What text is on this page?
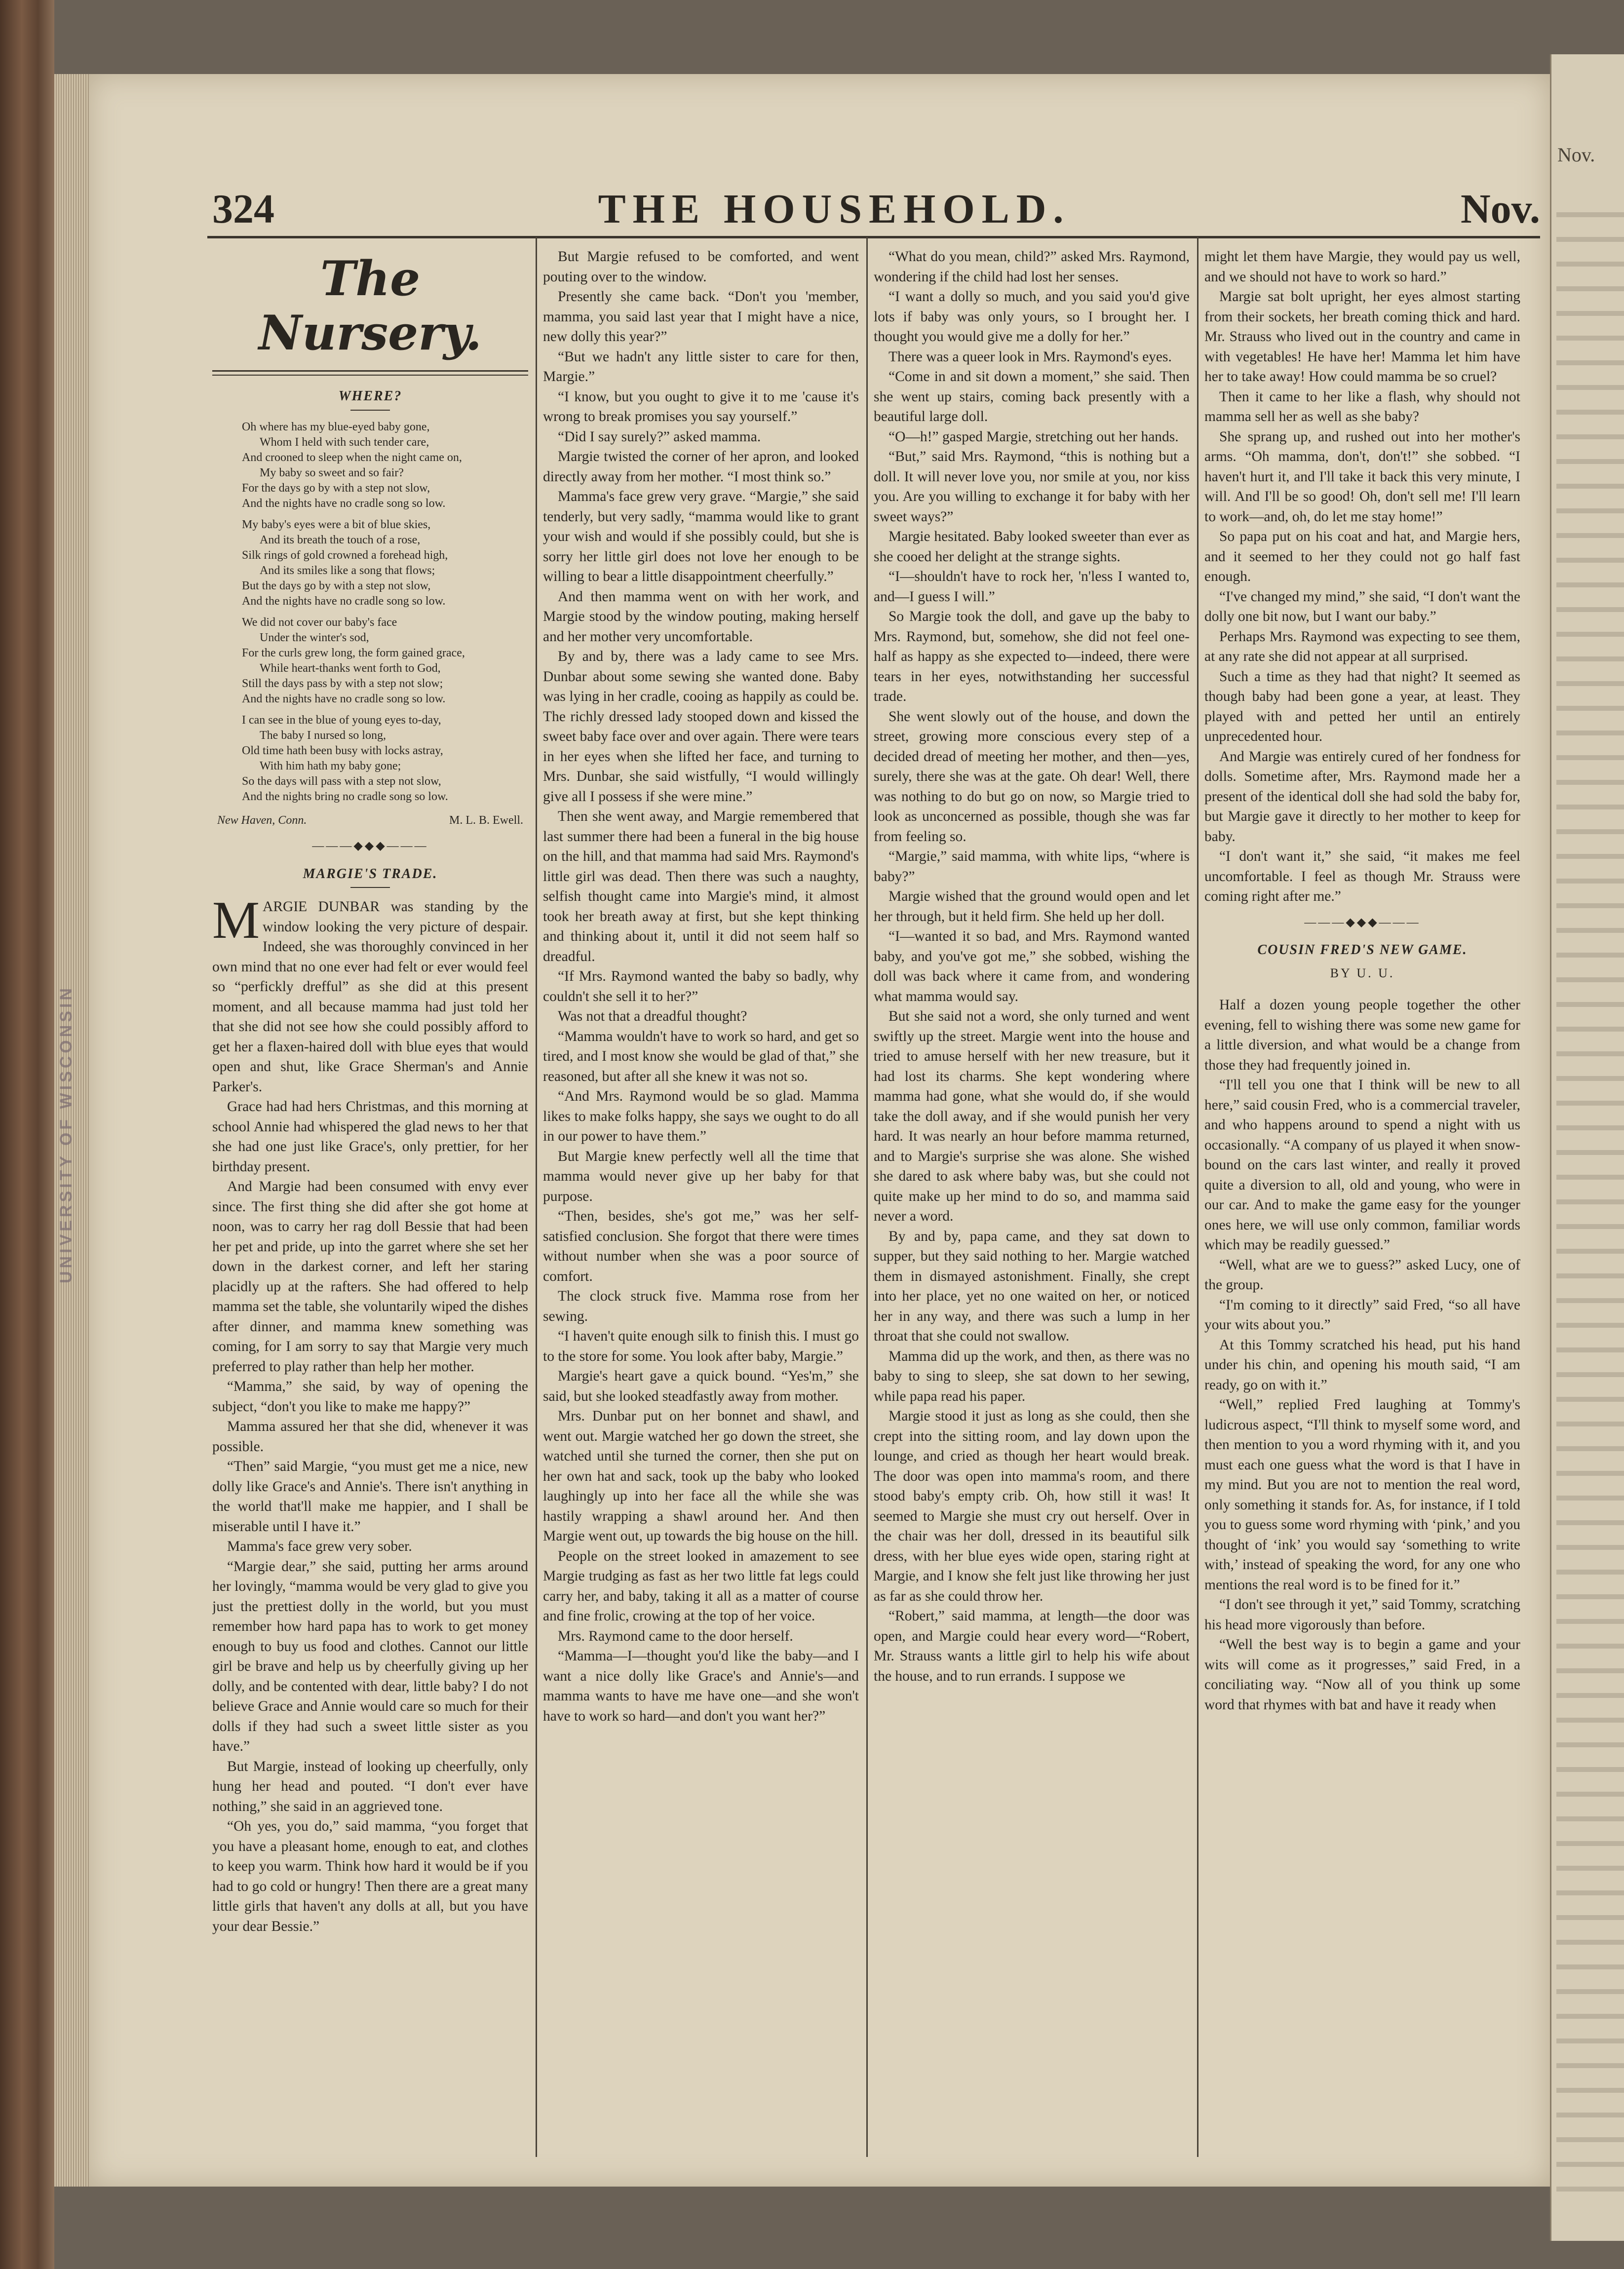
UNIVERSITY OF WISCONSIN
Nov.
324	THE HOUSEHOLD.	Nov.
The Nursery.
WHERE?
Oh where has my blue-eyed baby gone,
Whom I held with such tender care,
And crooned to sleep when the night came on,
My baby so sweet and so fair?
For the days go by with a step not slow,
And the nights have no cradle song so low.
My baby's eyes were a bit of blue skies,
And its breath the touch of a rose,
Silk rings of gold crowned a forehead high,
And its smiles like a song that flows;
But the days go by with a step not slow,
And the nights have no cradle song so low.
We did not cover our baby's face
Under the winter's sod,
For the curls grew long, the form gained grace,
While heart-thanks went forth to God,
Still the days pass by with a step not slow;
And the nights have no cradle song so low.
I can see in the blue of young eyes to-day,
The baby I nursed so long,
Old time hath been busy with locks astray,
With him hath my baby gone;
So the days will pass with a step not slow,
And the nights bring no cradle song so low.
New Haven, Conn.	M. L. B. Ewell.
———◆◆◆———
MARGIE'S TRADE.

MARGIE DUNBAR was standing by the window looking the very picture of despair. Indeed, she was thoroughly convinced in her own mind that no one ever had felt or ever would feel so “perfickly drefful” as she did at this present moment, and all because mamma had just told her that she did not see how she could possibly afford to get her a flaxen-haired doll with blue eyes that would open and shut, like Grace Sherman's and Annie Parker's.

Grace had had hers Christmas, and this morning at school Annie had whispered the glad news to her that she had one just like Grace's, only prettier, for her birthday present.

And Margie had been consumed with envy ever since. The first thing she did after she got home at noon, was to carry her rag doll Bessie that had been her pet and pride, up into the garret where she set her down in the darkest corner, and left her staring placidly up at the rafters. She had offered to help mamma set the table, she voluntarily wiped the dishes after dinner, and mamma knew something was coming, for I am sorry to say that Margie very much preferred to play rather than help her mother.

“Mamma,” she said, by way of opening the subject, “don't you like to make me happy?”

Mamma assured her that she did, whenever it was possible.

“Then” said Margie, “you must get me a nice, new dolly like Grace's and Annie's. There isn't anything in the world that'll make me happier, and I shall be miserable until I have it.”

Mamma's face grew very sober.

“Margie dear,” she said, putting her arms around her lovingly, “mamma would be very glad to give you just the prettiest dolly in the world, but you must remember how hard papa has to work to get money enough to buy us food and clothes. Cannot our little girl be brave and help us by cheerfully giving up her dolly, and be contented with dear, little baby? I do not believe Grace and Annie would care so much for their dolls if they had such a sweet little sister as you have.”

But Margie, instead of looking up cheerfully, only hung her head and pouted. “I don't ever have nothing,” she said in an aggrieved tone.

“Oh yes, you do,” said mamma, “you forget that you have a pleasant home, enough to eat, and clothes to keep you warm. Think how hard it would be if you had to go cold or hungry! Then there are a great many little girls that haven't any dolls at all, but you have your dear Bessie.”

But Margie refused to be comforted, and went pouting over to the window.

Presently she came back. “Don't you 'member, mamma, you said last year that I might have a nice, new dolly this year?”

“But we hadn't any little sister to care for then, Margie.”

“I know, but you ought to give it to me 'cause it's wrong to break promises you say yourself.”

“Did I say surely?” asked mamma.

Margie twisted the corner of her apron, and looked directly away from her mother. “I most think so.”

Mamma's face grew very grave. “Margie,” she said tenderly, but very sadly, “mamma would like to grant your wish and would if she possibly could, but she is sorry her little girl does not love her enough to be willing to bear a little disappointment cheerfully.”

And then mamma went on with her work, and Margie stood by the window pouting, making herself and her mother very uncomfortable.

By and by, there was a lady came to see Mrs. Dunbar about some sewing she wanted done. Baby was lying in her cradle, cooing as happily as could be. The richly dressed lady stooped down and kissed the sweet baby face over and over again. There were tears in her eyes when she lifted her face, and turning to Mrs. Dunbar, she said wistfully, “I would willingly give all I possess if she were mine.”

Then she went away, and Margie remembered that last summer there had been a funeral in the big house on the hill, and that mamma had said Mrs. Raymond's little girl was dead. Then there was such a naughty, selfish thought came into Margie's mind, it almost took her breath away at first, but she kept thinking and thinking about it, until it did not seem half so dreadful.

“If Mrs. Raymond wanted the baby so badly, why couldn't she sell it to her?”

Was not that a dreadful thought?

“Mamma wouldn't have to work so hard, and get so tired, and I most know she would be glad of that,” she reasoned, but after all she knew it was not so.

“And Mrs. Raymond would be so glad. Mamma likes to make folks happy, she says we ought to do all in our power to have them.”

But Margie knew perfectly well all the time that mamma would never give up her baby for that purpose.

“Then, besides, she's got me,” was her self-satisfied conclusion. She forgot that there were times without number when she was a poor source of comfort.

The clock struck five. Mamma rose from her sewing.

“I haven't quite enough silk to finish this. I must go to the store for some. You look after baby, Margie.”

Margie's heart gave a quick bound. “Yes'm,” she said, but she looked steadfastly away from mother.

Mrs. Dunbar put on her bonnet and shawl, and went out. Margie watched her go down the street, she watched until she turned the corner, then she put on her own hat and sack, took up the baby who looked laughingly up into her face all the while she was hastily wrapping a shawl around her. And then Margie went out, up towards the big house on the hill.

People on the street looked in amazement to see Margie trudging as fast as her two little fat legs could carry her, and baby, taking it all as a matter of course and fine frolic, crowing at the top of her voice.

Mrs. Raymond came to the door herself.

“Mamma—I—thought you'd like the baby—and I want a nice dolly like Grace's and Annie's—and mamma wants to have me have one—and she won't have to work so hard—and don't you want her?”

“What do you mean, child?” asked Mrs. Raymond, wondering if the child had lost her senses.

“I want a dolly so much, and you said you'd give lots if baby was only yours, so I brought her. I thought you would give me a dolly for her.”

There was a queer look in Mrs. Raymond's eyes.

“Come in and sit down a moment,” she said. Then she went up stairs, coming back presently with a beautiful large doll.

“O—h!” gasped Margie, stretching out her hands.

“But,” said Mrs. Raymond, “this is nothing but a doll. It will never love you, nor smile at you, nor kiss you. Are you willing to exchange it for baby with her sweet ways?”

Margie hesitated. Baby looked sweeter than ever as she cooed her delight at the strange sights.

“I—shouldn't have to rock her, 'n'less I wanted to, and—I guess I will.”

So Margie took the doll, and gave up the baby to Mrs. Raymond, but, somehow, she did not feel one-half as happy as she expected to—indeed, there were tears in her eyes, notwithstanding her successful trade.

She went slowly out of the house, and down the street, growing more conscious every step of a decided dread of meeting her mother, and then—yes, surely, there she was at the gate. Oh dear! Well, there was nothing to do but go on now, so Margie tried to look as unconcerned as possible, though she was far from feeling so.

“Margie,” said mamma, with white lips, “where is baby?”

Margie wished that the ground would open and let her through, but it held firm. She held up her doll.

“I—wanted it so bad, and Mrs. Raymond wanted baby, and you've got me,” she sobbed, wishing the doll was back where it came from, and wondering what mamma would say.

But she said not a word, she only turned and went swiftly up the street. Margie went into the house and tried to amuse herself with her new treasure, but it had lost its charms. She kept wondering where mamma had gone, what she would do, if she would take the doll away, and if she would punish her very hard. It was nearly an hour before mamma returned, and to Margie's surprise she was alone. She wished she dared to ask where baby was, but she could not quite make up her mind to do so, and mamma said never a word.

By and by, papa came, and they sat down to supper, but they said nothing to her. Margie watched them in dismayed astonishment. Finally, she crept into her place, yet no one waited on her, or noticed her in any way, and there was such a lump in her throat that she could not swallow.

Mamma did up the work, and then, as there was no baby to sing to sleep, she sat down to her sewing, while papa read his paper.

Margie stood it just as long as she could, then she crept into the sitting room, and lay down upon the lounge, and cried as though her heart would break. The door was open into mamma's room, and there stood baby's empty crib. Oh, how still it was! It seemed to Margie she must cry out herself. Over in the chair was her doll, dressed in its beautiful silk dress, with her blue eyes wide open, staring right at Margie, and I know she felt just like throwing her just as far as she could throw her.

“Robert,” said mamma, at length—the door was open, and Margie could hear every word—“Robert, Mr. Strauss wants a little girl to help his wife about the house, and to run errands. I suppose we

might let them have Margie, they would pay us well, and we should not have to work so hard.”

Margie sat bolt upright, her eyes almost starting from their sockets, her breath coming thick and hard. Mr. Strauss who lived out in the country and came in with vegetables! He have her! Mamma let him have her to take away! How could mamma be so cruel?

Then it came to her like a flash, why should not mamma sell her as well as she baby?

She sprang up, and rushed out into her mother's arms. “Oh mamma, don't, don't!” she sobbed. “I haven't hurt it, and I'll take it back this very minute, I will. And I'll be so good! Oh, don't sell me! I'll learn to work—and, oh, do let me stay home!”

So papa put on his coat and hat, and Margie hers, and it seemed to her they could not go half fast enough.

“I've changed my mind,” she said, “I don't want the dolly one bit now, but I want our baby.”

Perhaps Mrs. Raymond was expecting to see them, at any rate she did not appear at all surprised.

Such a time as they had that night? It seemed as though baby had been gone a year, at least. They played with and petted her until an entirely unprecedented hour.

And Margie was entirely cured of her fondness for dolls. Sometime after, Mrs. Raymond made her a present of the identical doll she had sold the baby for, but Margie gave it directly to her mother to keep for baby.

“I don't want it,” she said, “it makes me feel uncomfortable. I feel as though Mr. Strauss were coming right after me.”

———◆◆◆———
COUSIN FRED'S NEW GAME.
BY U. U.

Half a dozen young people together the other evening, fell to wishing there was some new game for a little diversion, and what would be a change from those they had frequently joined in.

“I'll tell you one that I think will be new to all here,” said cousin Fred, who is a commercial traveler, and who happens around to spend a night with us occasionally. “A company of us played it when snow-bound on the cars last winter, and really it proved quite a diversion to all, old and young, who were in our car. And to make the game easy for the younger ones here, we will use only common, familiar words which may be readily guessed.”

“Well, what are we to guess?” asked Lucy, one of the group.

“I'm coming to it directly” said Fred, “so all have your wits about you.”

At this Tommy scratched his head, put his hand under his chin, and opening his mouth said, “I am ready, go on with it.”

“Well,” replied Fred laughing at Tommy's ludicrous aspect, “I'll think to myself some word, and then mention to you a word rhyming with it, and you must each one guess what the word is that I have in my mind. But you are not to mention the real word, only something it stands for. As, for instance, if I told you to guess some word rhyming with ‘pink,’ and you thought of ‘ink’ you would say ‘something to write with,’ instead of speaking the word, for any one who mentions the real word is to be fined for it.”

“I don't see through it yet,” said Tommy, scratching his head more vigorously than before.

“Well the best way is to begin a game and your wits will come as it progresses,” said Fred, in a conciliating way. “Now all of you think up some word that rhymes with bat and have it ready when
